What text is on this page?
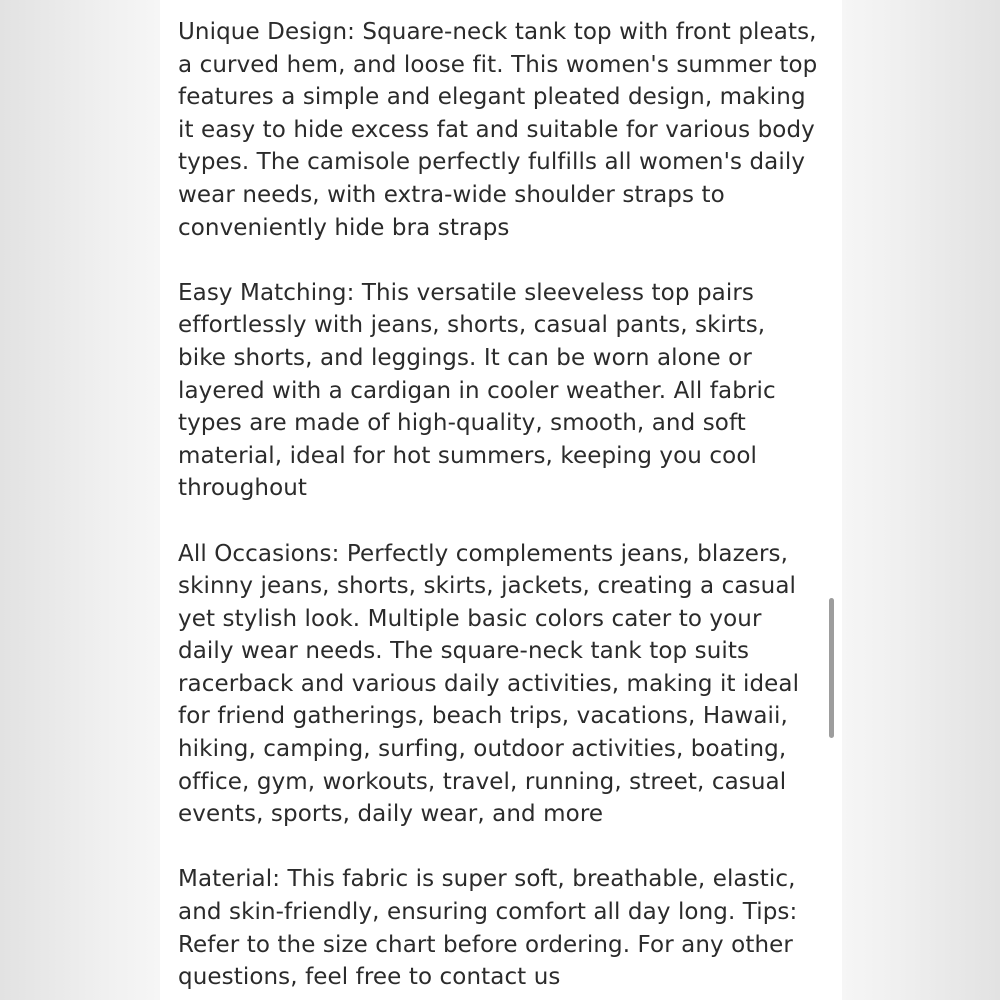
Unique Design: Square-neck tank top with front pleats, a curved hem, and loose fit. This women's summer top features a simple and elegant pleated design, making it easy to hide excess fat and suitable for various body types. The camisole perfectly fulfills all women's daily wear needs, with extra-wide shoulder straps to conveniently hide bra straps

Easy Matching: This versatile sleeveless top pairs effortlessly with jeans, shorts, casual pants, skirts, bike shorts, and leggings. It can be worn alone or layered with a cardigan in cooler weather. All fabric types are made of high-quality, smooth, and soft material, ideal for hot summers, keeping you cool throughout

All Occasions: Perfectly complements jeans, blazers, skinny jeans, shorts, skirts, jackets, creating a casual yet stylish look. Multiple basic colors cater to your daily wear needs. The square-neck tank top suits racerback and various daily activities, making it ideal for friend gatherings, beach trips, vacations, Hawaii, hiking, camping, surfing, outdoor activities, boating, office, gym, workouts, travel, running, street, casual events, sports, daily wear, and more

Material: This fabric is super soft, breathable, elastic, and skin-friendly, ensuring comfort all day long. Tips: Refer to the size chart before ordering. For any other questions, feel free to contact us
